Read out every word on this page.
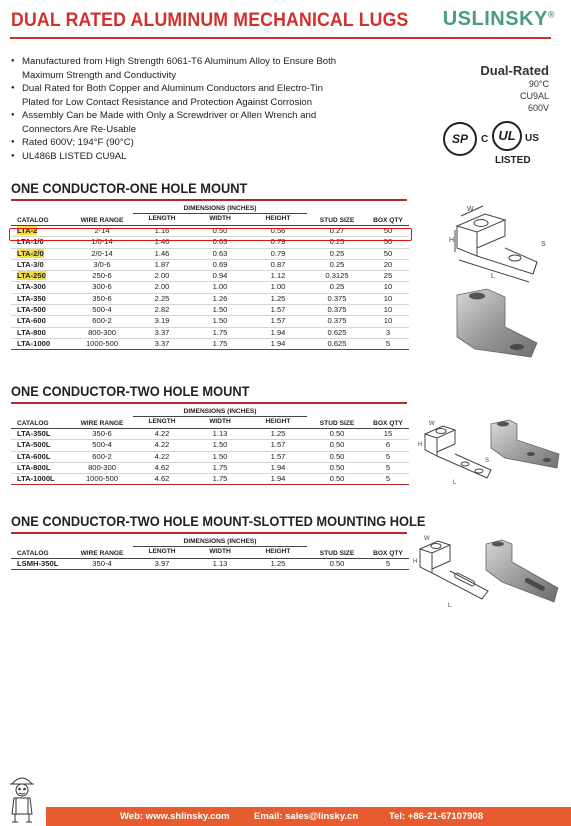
DUAL RATED ALUMINUM MECHANICAL LUGS USLINSKY®
● Manufactured from High Strength 6061-T6 Aluminum Alloy to Ensure Both Maximum Strength and Conductivity
● Dual Rated for Both Copper and Aluminum Conductors and Electro-Tin Plated for Low Contact Resistance and Protection Against Corrosion
● Assembly Can be Made with Only a Screwdriver or Allen Wrench and Connectors Are Re-Usable
● Rated 600V; 194°F (90°C)
● UL486B LISTED CU9AL
Dual-Rated
90°C
CU9AL
600V
SP	C UL US
LISTED
ONE CONDUCTOR-ONE HOLE MOUNT
CATALOG	WIRE RANGE	DIMENSIONS (INCHES)			STUD SIZE	BOX QTY
		LENGTH	WIDTH	HEIGHT		
LTA-2	2-14	1.16	0.50	0.56	0.27	50
LTA-1/0	1/0-14	1.46	0.63	0.79	0.25	50
LTA-2/0	2/0-14	1.46	0.63	0.79	0.25	50
LTA-3/0	3/0-6	1.87	0.69	0.87	0.25	20
LTA-250	250-6	2.00	0.94	1.12	0.3125	25
LTA-300	300-6	2.00	1.00	1.00	0.25	10
LTA-350	350-6	2.25	1.26	1.25	0.375	10
LTA-500	500-4	2.82	1.50	1.57	0.375	10
LTA-600	600-2	3.19	1.50	1.57	0.375	10
LTA-800	800-300	3.37	1.75	1.94	0.625	3
LTA-1000	1000-500	3.37	1.75	1.94	0.625	5
W
H
L
S
ONE CONDUCTOR-TWO HOLE MOUNT
CATALOG	WIRE RANGE	DIMENSIONS (INCHES)			STUD SIZE	BOX QTY
		LENGTH	WIDTH	HEIGHT		
LTA-350L	350-6	4.22	1.13	1.25	0.50	15
LTA-500L	500-4	4.22	1.50	1.57	0.50	6
LTA-600L	600-2	4.22	1.50	1.57	0.50	5
LTA-800L	800-300	4.62	1.75	1.94	0.50	5
LTA-1000L	1000-500	4.62	1.75	1.94	0.50	5
W
H
L
S
ONE CONDUCTOR-TWO HOLE MOUNT-SLOTTED MOUNTING HOLE
CATALOG	WIRE RANGE	DIMENSIONS (INCHES)			STUD SIZE	BOX QTY
		LENGTH	WIDTH	HEIGHT		
LSMH-350L	350-4	3.97	1.13	1.25	0.50	5
W
H
L
Web: www.shlinsky.com	Email: sales@linsky.cn	Tel: +86-21-67107908
